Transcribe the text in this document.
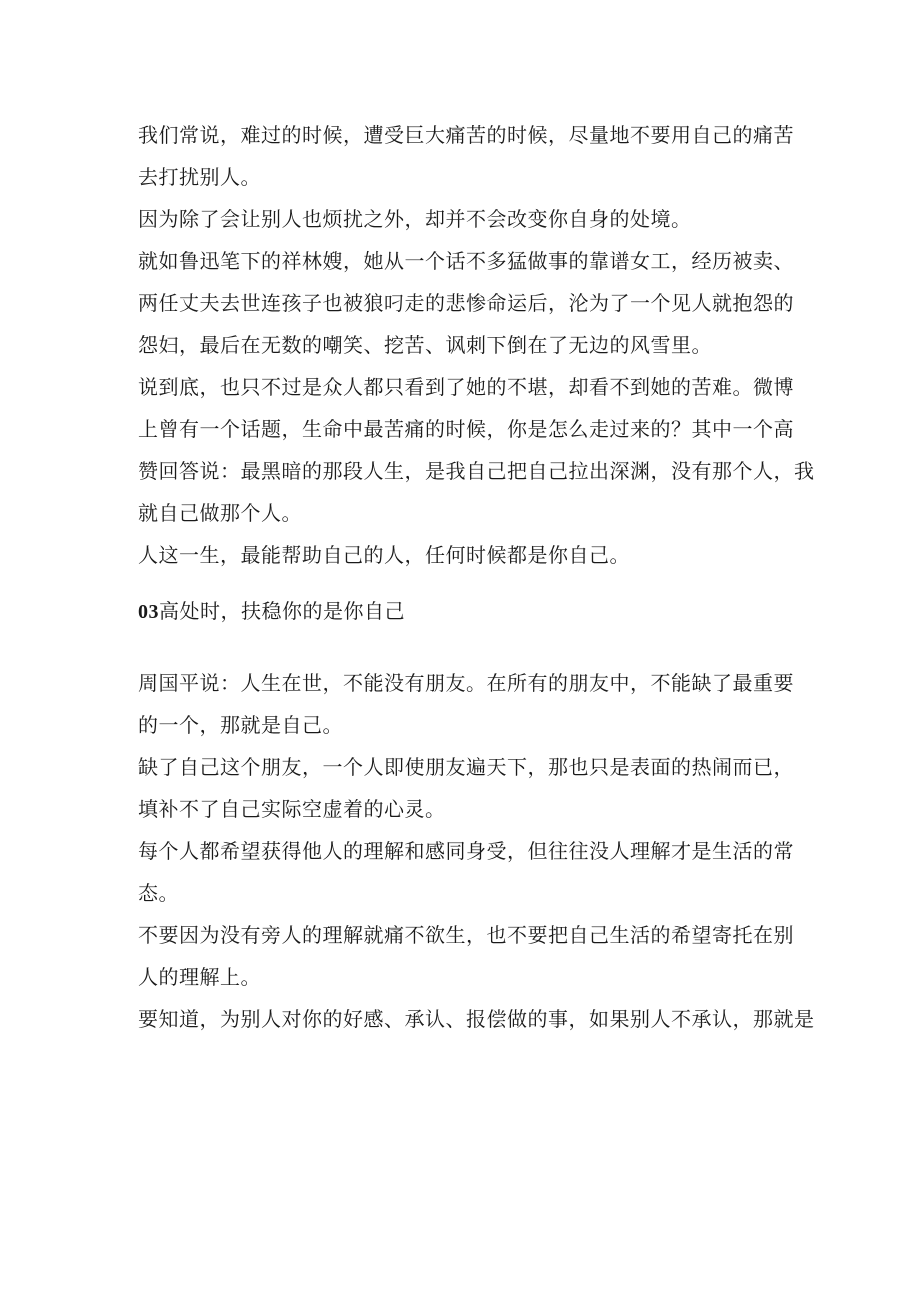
我们常说，难过的时候，遭受巨大痛苦的时候，尽量地不要用自己的痛苦
去打扰别人。
因为除了会让别人也烦扰之外，却并不会改变你自身的处境。
就如鲁迅笔下的祥林嫂，她从一个话不多猛做事的靠谱女工，经历被卖、
两任丈夫去世连孩子也被狼叼走的悲惨命运后，沦为了一个见人就抱怨的
怨妇，最后在无数的嘲笑、挖苦、讽刺下倒在了无边的风雪里。
说到底，也只不过是众人都只看到了她的不堪，却看不到她的苦难。微博
上曾有一个话题，生命中最苦痛的时候，你是怎么走过来的？其中一个高
赞回答说：最黑暗的那段人生，是我自己把自己拉出深渊，没有那个人，我
就自己做那个人。
人这一生，最能帮助自己的人，任何时候都是你自己。
03高处时，扶稳你的是你自己
周国平说：人生在世，不能没有朋友。在所有的朋友中，不能缺了最重要
的一个，那就是自己。
缺了自己这个朋友，一个人即使朋友遍天下，那也只是表面的热闹而已，
填补不了自己实际空虚着的心灵。
每个人都希望获得他人的理解和感同身受，但往往没人理解才是生活的常
态。
不要因为没有旁人的理解就痛不欲生，也不要把自己生活的希望寄托在别
人的理解上。
要知道，为别人对你的好感、承认、报偿做的事，如果别人不承认，那就是
